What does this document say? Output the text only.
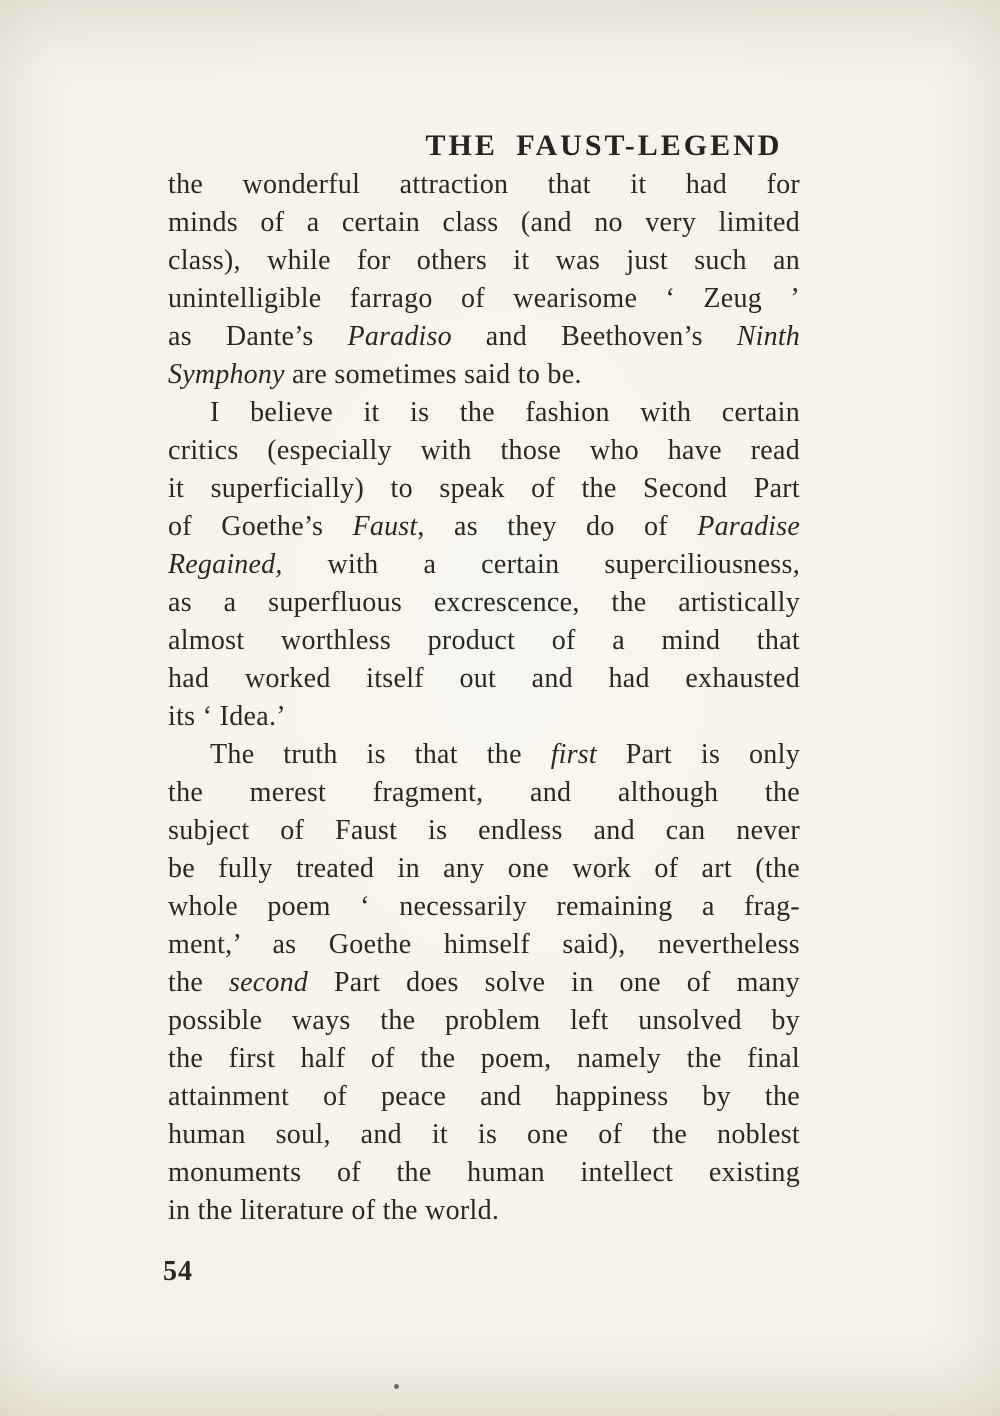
THE FAUST-LEGEND
the wonderful attraction that it had for
minds of a certain class (and no very limited
class), while for others it was just such an
unintelligible farrago of wearisome ‘ Zeug ’
as Dante’s Paradiso and Beethoven’s Ninth
Symphony are sometimes said to be.
I believe it is the fashion with certain
critics (especially with those who have read
it superficially) to speak of the Second Part
of Goethe’s Faust, as they do of Paradise
Regained, with a certain superciliousness,
as a superfluous excrescence, the artistically
almost worthless product of a mind that
had worked itself out and had exhausted
its ‘ Idea.’
The truth is that the first Part is only
the merest fragment, and although the
subject of Faust is endless and can never
be fully treated in any one work of art (the
whole poem ‘ necessarily remaining a frag-
ment,’ as Goethe himself said), nevertheless
the second Part does solve in one of many
possible ways the problem left unsolved by
the first half of the poem, namely the final
attainment of peace and happiness by the
human soul, and it is one of the noblest
monuments of the human intellect existing
in the literature of the world.
54
